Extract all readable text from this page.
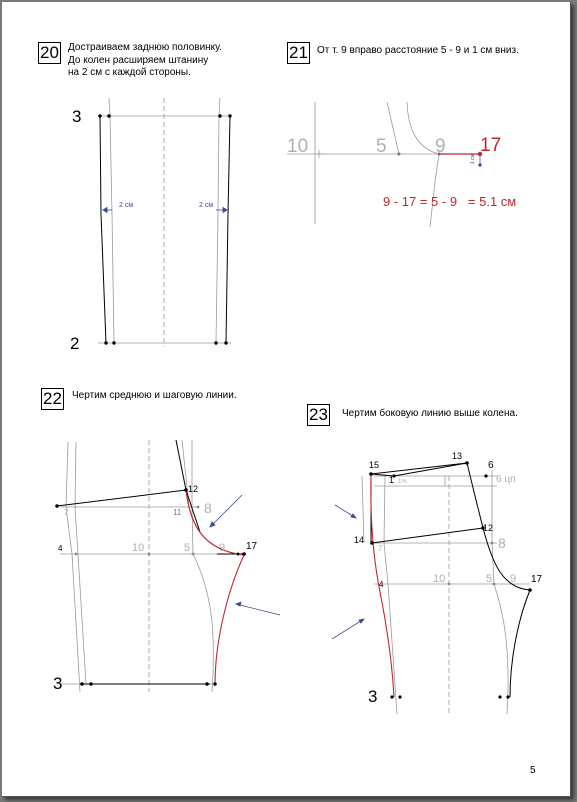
20 Достраиваем заднюю половинку.
До колен расширяем штанину
на 2 см с каждой стороны.
21 От т. 9 вправо расстояние 5 - 9 и 1 см вниз.
22 Чертим среднюю и шаговую линии.
23 Чертим боковую линию выше колена.
2 см	2 см
3
2
1 см
10	5	9 17
9 - 17 = 5 - 9   = 5.1 см
12
8
7	11
4	10	5	9 17
3
13
6
15
1 1%	6 цп
12
14
7	8
4	10	5 9 17
3
5
